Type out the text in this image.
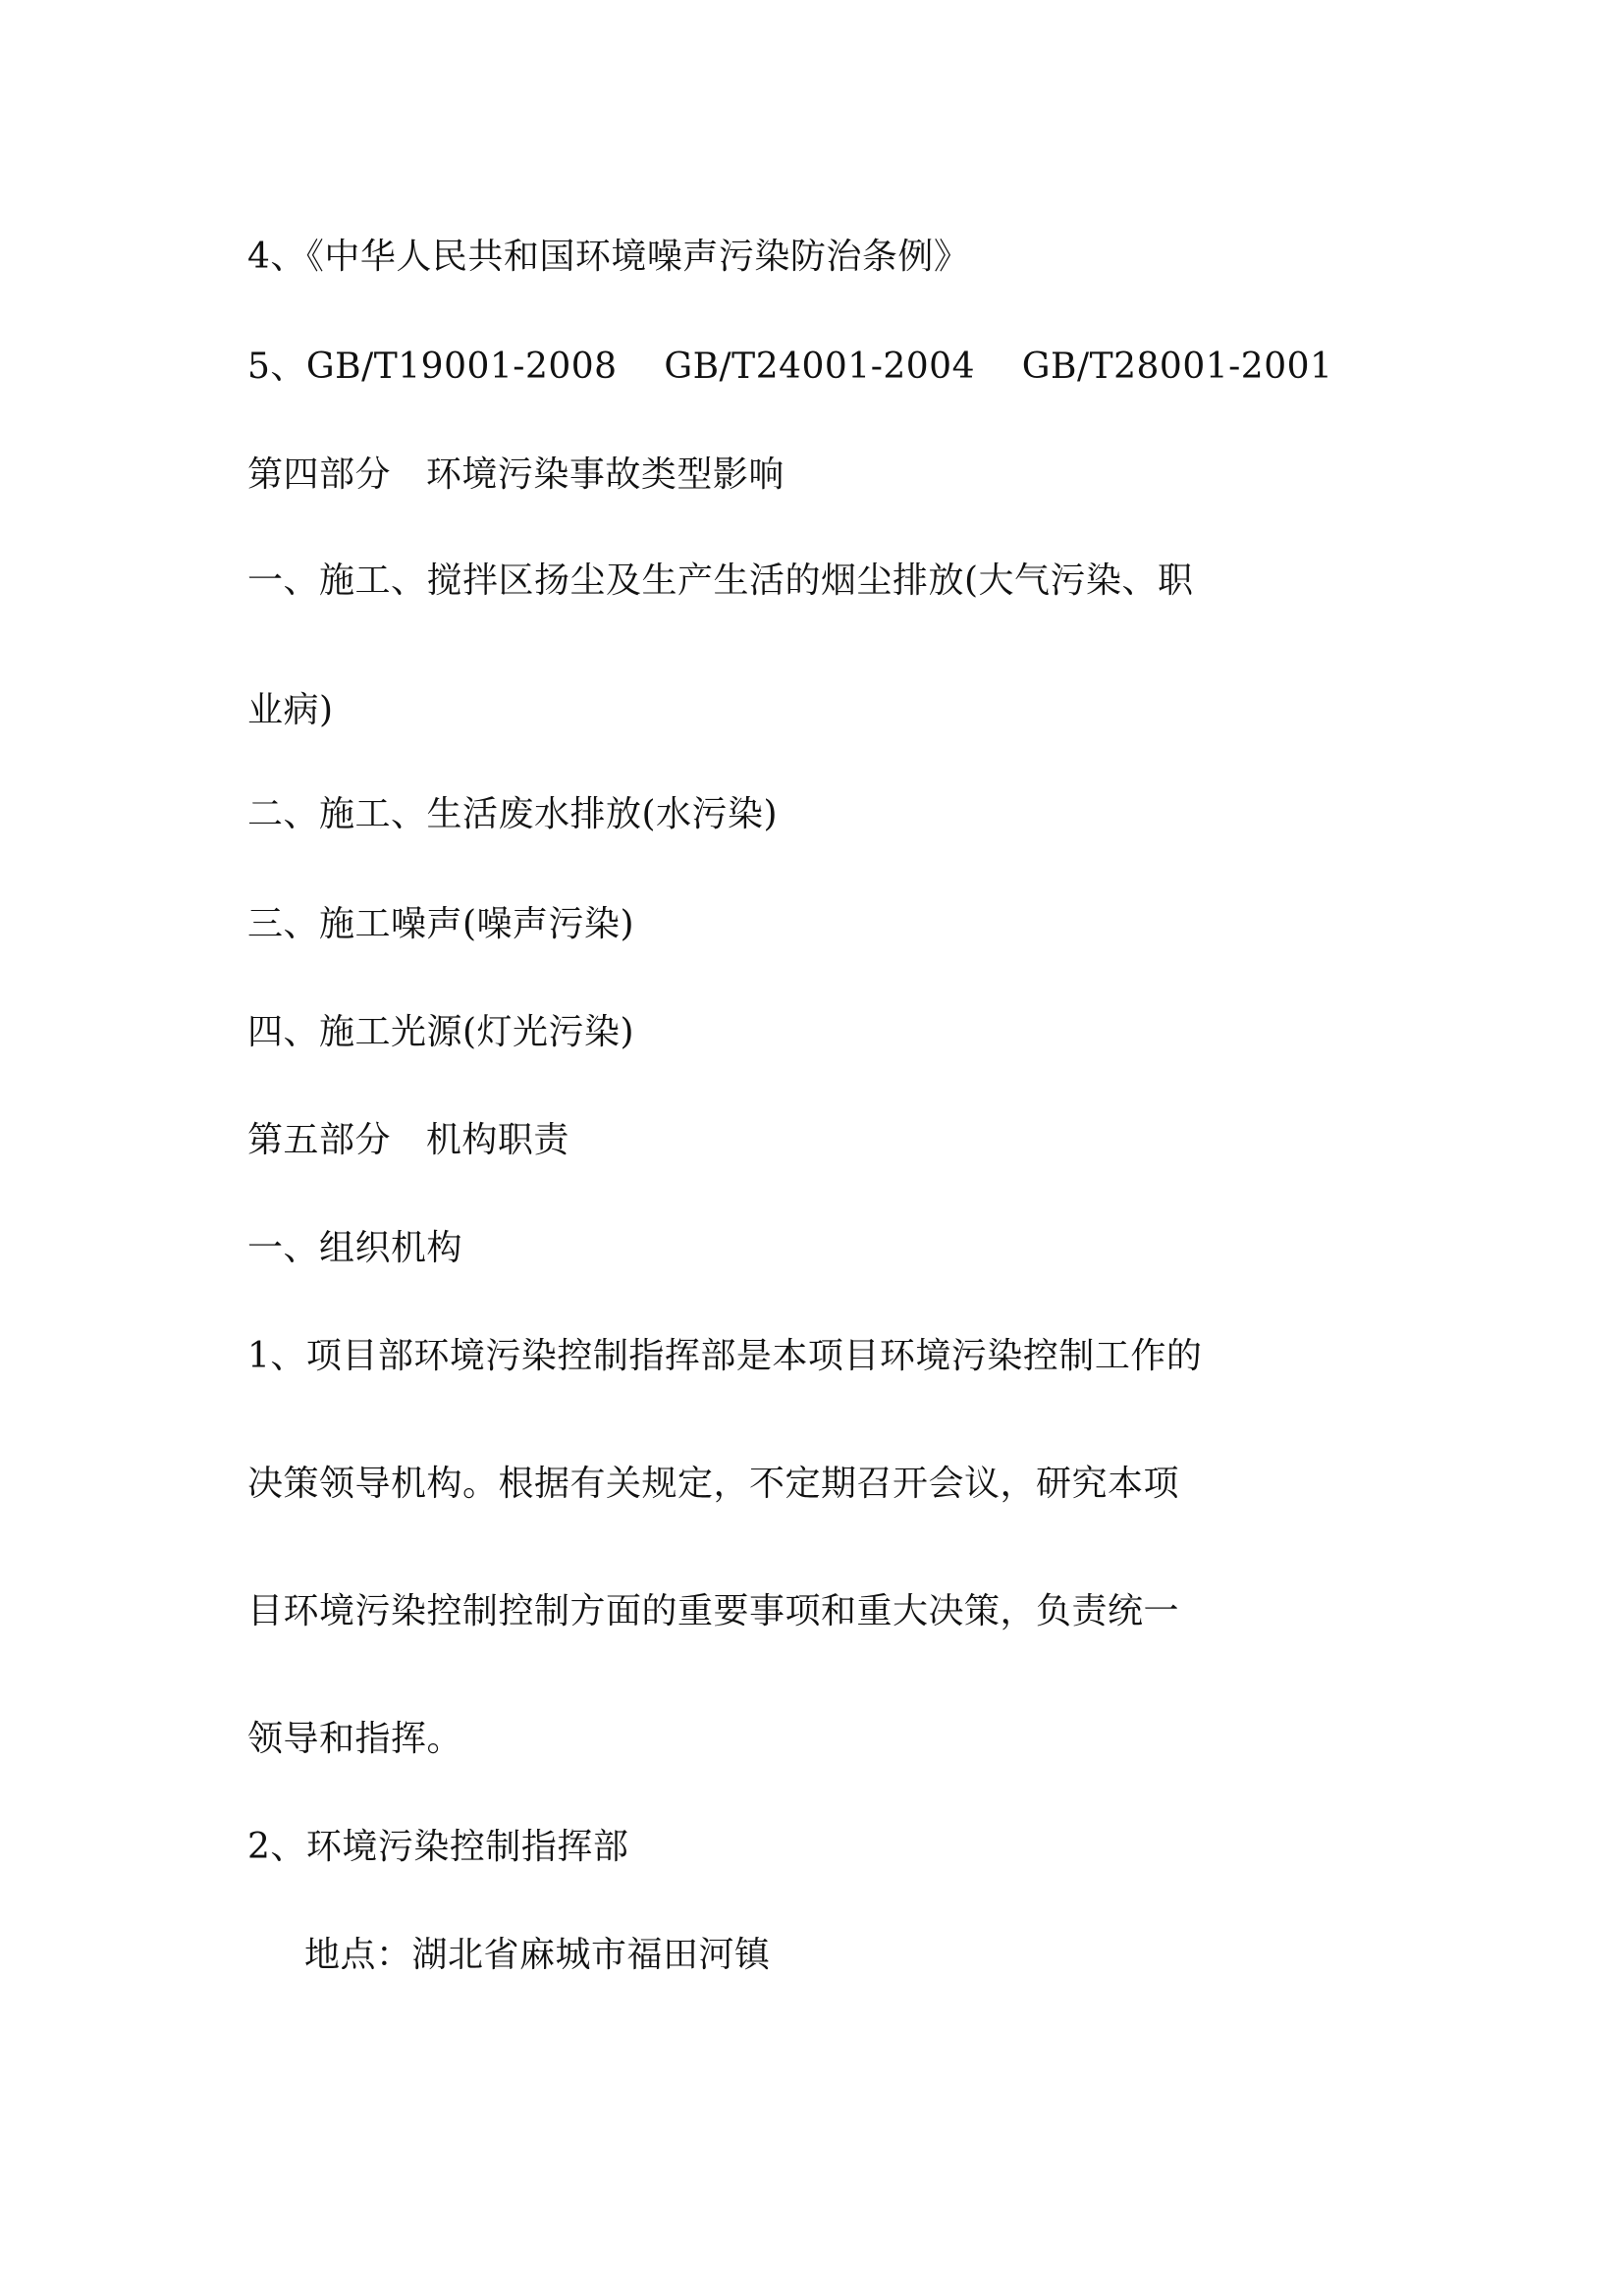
4、《中华人民共和国环境噪声污染防治条例》

5、GB/T19001-2008    GB/T24001-2004    GB/T28001-2001

第四部分   环境污染事故类型影响

一、施工、搅拌区扬尘及生产生活的烟尘排放(大气污染、职

业病)

二、施工、生活废水排放(水污染)

三、施工噪声(噪声污染)

四、施工光源(灯光污染)

第五部分   机构职责

一、组织机构

1、项目部环境污染控制指挥部是本项目环境污染控制工作的

决策领导机构。根据有关规定，不定期召开会议，研究本项

目环境污染控制控制方面的重要事项和重大决策，负责统一

领导和指挥。

2、环境污染控制指挥部

地点：湖北省麻城市福田河镇
